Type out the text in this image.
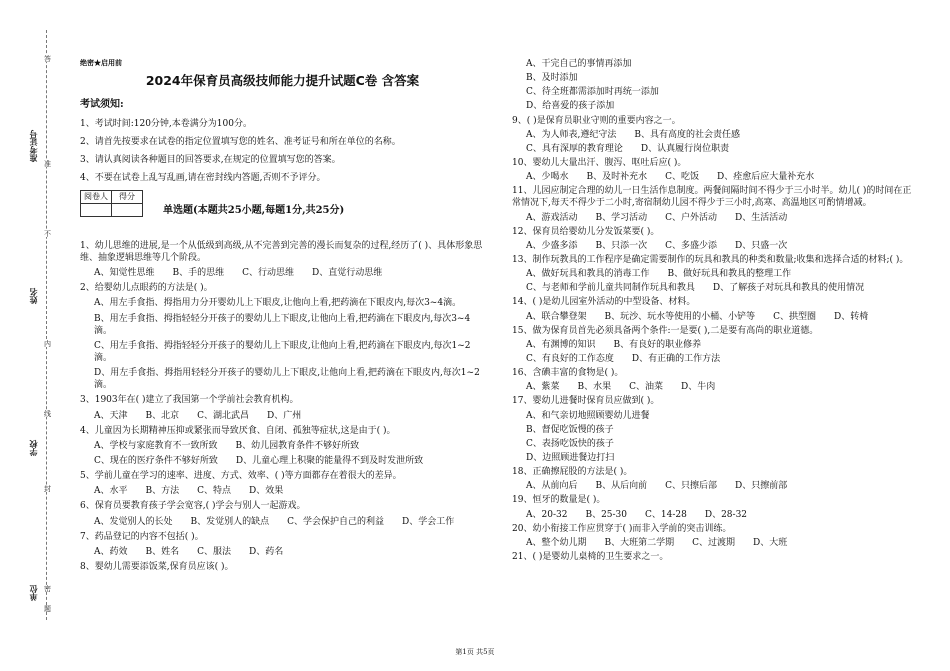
准考证号
姓名
学校
单位 密
封
线
内
不
准
答
题
绝密★启用前
2024年保育员高级技师能力提升试题C卷 含答案
考试须知:

1、考试时间:120分钟,本卷满分为100分。

2、请首先按要求在试卷的指定位置填写您的姓名、准考证号和所在单位的名称。

3、请认真阅读各种题目的回答要求,在规定的位置填写您的答案。

4、不要在试卷上乱写乱画,请在密封线内答题,否则不予评分。

阅卷人	得分

单选题(本题共25小题,每题1分,共25分)
1、幼儿思维的进展,是一个从低级到高级,从不完善到完善的漫长而复杂的过程,经历了( )、具体形象思维、抽象逻辑思维等几个阶段。
A、知觉性思维 B、手的思维 C、行动思维 D、直觉行动思维
2、给婴幼儿点眼药的方法是( )。
A、用左手食指、拇指用力分开婴幼儿上下眼皮,让他向上看,把药滴在下眼皮内,每次3~4滴。
B、用左手食指、拇指轻轻分开孩子的婴幼儿上下眼皮,让他向上看,把药滴在下眼皮内,每次3~4滴。
C、用左手食指、拇指轻轻分开孩子的婴幼儿上下眼皮,让他向上看,把药滴在下眼皮内,每次1~2滴。
D、用左手食指、拇指用轻轻分开孩子的婴幼儿上下眼皮,让他向上看,把药滴在下眼皮内,每次1~2滴。
3、1903年在( )建立了我国第一个学前社会教育机构。
A、天津 B、北京 C、湖北武昌 D、广州
4、儿童因为长期精神压抑或紧张而导致厌食、自闭、孤独等症状,这是由于( )。
A、学校与家庭教育不一致所致 B、幼儿园教育条件不够好所致
C、现在的医疗条件不够好所致 D、儿童心理上积聚的能量得不到及时发泄所致
5、学前儿童在学习的速率、进度、方式、效率、( )等方面都存在着很大的差异。
A、水平 B、方法 C、特点 D、效果
6、保育员要教育孩子学会宽容,( )学会与别人一起游戏。
A、发觉别人的长处 B、发觉别人的缺点 C、学会保护自己的利益 D、学会工作
7、药品登记的内容不包括( )。
A、药效 B、姓名 C、服法 D、药名
8、婴幼儿需要添饭菜,保育员应该( )。
A、干完自己的事情再添加
B、及时添加
C、待全班都需添加时再统一添加
D、给喜爱的孩子添加
9、( )是保育员职业守则的重要内容之一。
A、为人师表,遵纪守法 B、具有高度的社会责任感
C、具有深厚的教育理论 D、认真履行岗位职责
10、婴幼儿大量出汗、腹泻、呕吐后应( )。
A、少喝水 B、及时补充水 C、吃饭 D、痊愈后应大量补充水
11、儿园应制定合理的幼儿一日生活作息制度。两餐间隔时间不得少于三小时半。幼儿( )的时间在正常情况下,每天不得少于二小时,寄宿制幼儿园不得少于三小时,高寒、高温地区可酌情增减。
A、游戏活动 B、学习活动 C、户外活动 D、生活活动
12、保育员给婴幼儿分发饭菜要( )。
A、少盛多添 B、只添一次 C、多盛少添 D、只盛一次
13、制作玩教具的工作程序是确定需要制作的玩具和教具的种类和数量;收集和选择合适的材料;( )。
A、做好玩具和教具的消毒工作 B、做好玩具和教具的整理工作
C、与老师和学前儿童共同制作玩具和教具 D、了解孩子对玩具和教具的使用情况
14、( )是幼儿园室外活动的中型设备、材料。
A、联合攀登架 B、玩沙、玩水等使用的小桶、小铲等 C、拱型圈 D、转椅
15、做为保育员首先必须具备两个条件:一是要( ),二是要有高尚的职业道德。
A、有渊博的知识 B、有良好的职业修养
C、有良好的工作态度 D、有正确的工作方法
16、含碘丰富的食物是( )。
A、紫菜 B、水果 C、油菜 D、牛肉
17、婴幼儿进餐时保育员应做到( )。
A、和气亲切地照顾婴幼儿进餐
B、督促吃饭慢的孩子
C、表扬吃饭快的孩子
D、边照顾进餐边打扫
18、正确擦屁股的方法是( )。
A、从前向后 B、从后向前 C、只擦后部 D、只擦前部
19、恒牙的数量是( )。
A、20-32 B、25-30 C、14-28 D、28-32
20、幼小衔接工作应贯穿于( )而非入学前的突击训练。
A、整个幼儿期 B、大班第二学期 C、过渡期 D、大班
21、( )是婴幼儿桌椅的卫生要求之一。
第1页 共5页
